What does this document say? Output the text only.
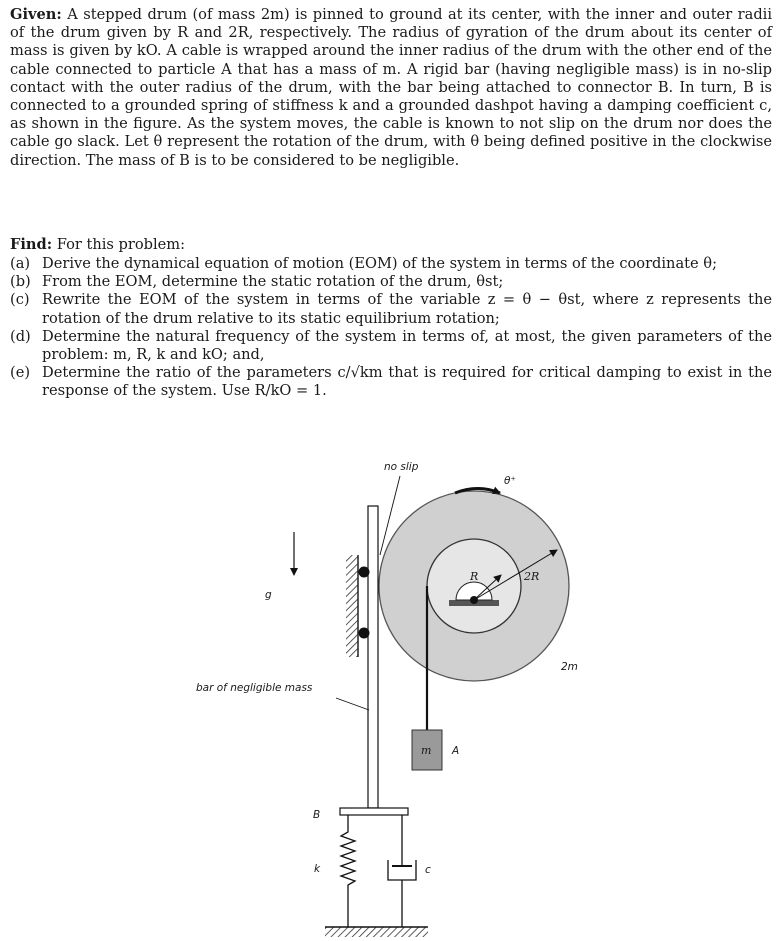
Given: A stepped drum (of mass 2m) is pinned to ground at its center, with the inner and outer radii of the drum given by R and 2R, respectively. The radius of gyration of the drum about its center of mass is given by kO. A cable is wrapped around the inner radius of the drum with the other end of the cable connected to particle A that has a mass of m. A rigid bar (having negligible mass) is in no-slip contact with the outer radius of the drum, with the bar being attached to connector B. In turn, B is connected to a grounded spring of stiffness k and a grounded dashpot having a damping coefficient c, as shown in the figure. As the system moves, the cable is known to not slip on the drum nor does the cable go slack. Let θ represent the rotation of the drum, with θ being defined positive in the clockwise direction. The mass of B is to be considered to be negligible.

Find: For this problem:

(a) Derive the dynamical equation of motion (EOM) of the system in terms of the coordinate θ;
(b) From the EOM, determine the static rotation of the drum, θst;
(c) Rewrite the EOM of the system in terms of the variable z = θ − θst, where z represents the rotation of the drum relative to its static equilibrium rotation;
(d) Determine the natural frequency of the system in terms of, at most, the given parameters of the problem: m, R, k and kO; and,
(e) Determine the ratio of the parameters c/√km that is required for critical damping to exist in the response of the system. Use R/kO = 1.
R	2R
m A
B
k	c
θ⁺
no slip
g
2m
bar of negligible mass
